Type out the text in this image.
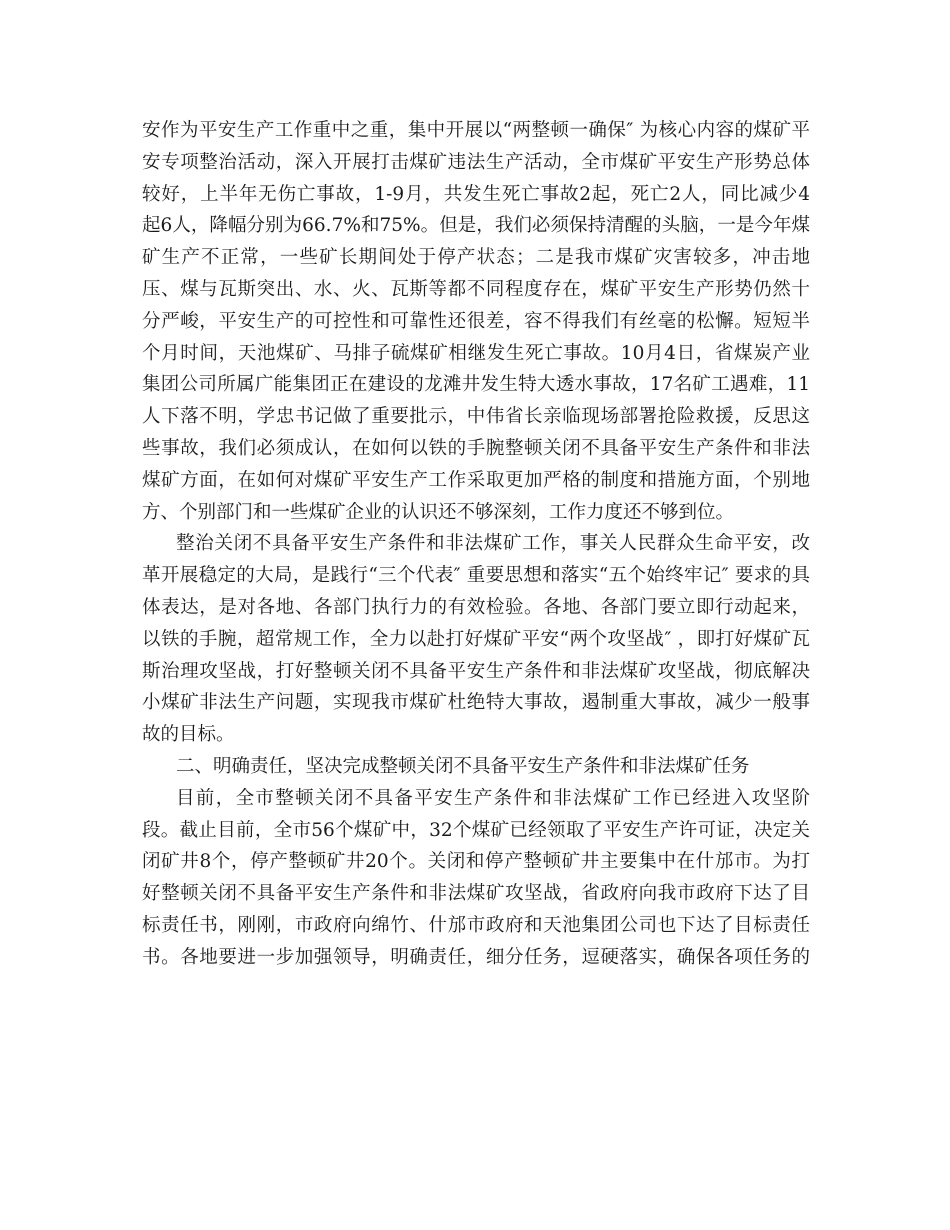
安作为平安生产工作重中之重，集中开展以“两整顿一确保″ 为核心内容的煤矿平
安专项整治活动，深入开展打击煤矿违法生产活动，全市煤矿平安生产形势总体
较好，上半年无伤亡事故，1-9月，共发生死亡事故2起，死亡2人，同比减少4
起6人，降幅分别为66.7%和75%。但是，我们必须保持清醒的头脑，一是今年煤
矿生产不正常，一些矿长期间处于停产状态；二是我市煤矿灾害较多，冲击地
压、煤与瓦斯突出、水、火、瓦斯等都不同程度存在，煤矿平安生产形势仍然十
分严峻，平安生产的可控性和可靠性还很差，容不得我们有丝毫的松懈。短短半
个月时间，天池煤矿、马排子硫煤矿相继发生死亡事故。10月4日，省煤炭产业
集团公司所属广能集团正在建设的龙滩井发生特大透水事故，17名矿工遇难，11
人下落不明，学忠书记做了重要批示，中伟省长亲临现场部署抢险救援，反思这
些事故，我们必须成认，在如何以铁的手腕整顿关闭不具备平安生产条件和非法
煤矿方面，在如何对煤矿平安生产工作采取更加严格的制度和措施方面，个别地
方、个别部门和一些煤矿企业的认识还不够深刻，工作力度还不够到位。
整治关闭不具备平安生产条件和非法煤矿工作，事关人民群众生命平安，改
革开展稳定的大局，是践行“三个代表″ 重要思想和落实“五个始终牢记″ 要求的具
体表达，是对各地、各部门执行力的有效检验。各地、各部门要立即行动起来，
以铁的手腕，超常规工作，全力以赴打好煤矿平安“两个攻坚战″ ，即打好煤矿瓦
斯治理攻坚战，打好整顿关闭不具备平安生产条件和非法煤矿攻坚战，彻底解决
小煤矿非法生产问题，实现我市煤矿杜绝特大事故，遏制重大事故，减少一般事
故的目标。
二、明确责任，坚决完成整顿关闭不具备平安生产条件和非法煤矿任务
目前，全市整顿关闭不具备平安生产条件和非法煤矿工作已经进入攻坚阶
段。截止目前，全市56个煤矿中，32个煤矿已经领取了平安生产许可证，决定关
闭矿井8个，停产整顿矿井20个。关闭和停产整顿矿井主要集中在什邡市。为打
好整顿关闭不具备平安生产条件和非法煤矿攻坚战，省政府向我市政府下达了目
标责任书，刚刚，市政府向绵竹、什邡市政府和天池集团公司也下达了目标责任
书。各地要进一步加强领导，明确责任，细分任务，逗硬落实，确保各项任务的
